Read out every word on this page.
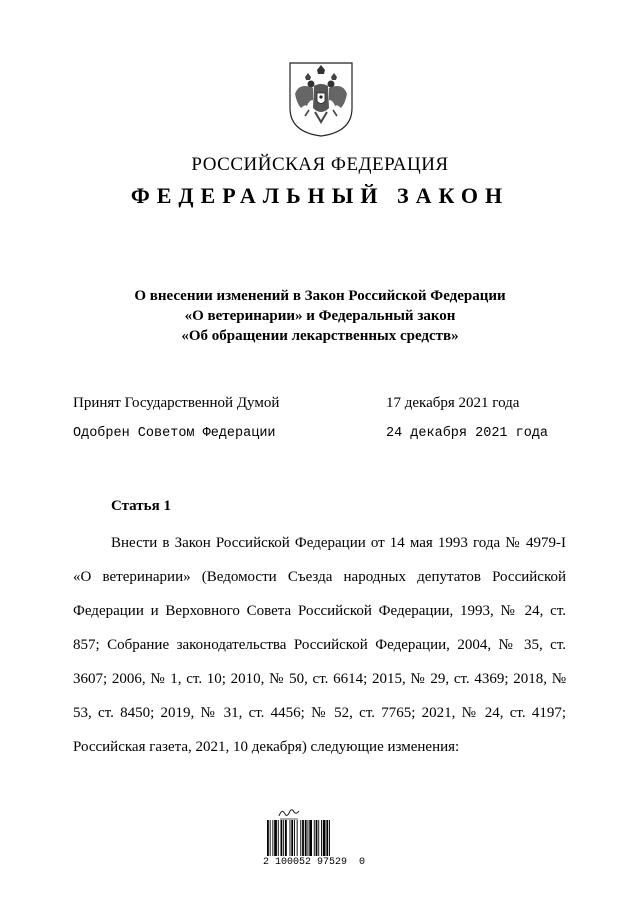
РОССИЙСКАЯ ФЕДЕРАЦИЯ
ФЕДЕРАЛЬНЫЙ ЗАКОН
О внесении изменений в Закон Российской Федерации
«О ветеринарии» и Федеральный закон
«Об обращении лекарственных средств»
Принят Государственной Думой	17 декабря 2021 года
Одобрен Советом Федерации	24 декабря 2021 года
Статья 1

Внести в Закон Российской Федерации от 14 мая 1993 года № 4979-I «О ветеринарии» (Ведомости Съезда народных депутатов Российской Федерации и Верховного Совета Российской Федерации, 1993, № 24, ст. 857; Собрание законодательства Российской Федерации, 2004, № 35, ст. 3607; 2006, № 1, ст. 10; 2010, № 50, ст. 6614; 2015, № 29, ст. 4369; 2018, № 53, ст. 8450; 2019, № 31, ст. 4456; № 52, ст. 7765; 2021, № 24, ст. 4197; Российская газета, 2021, 10 декабря) следующие изменения:

2 100052 97529  0
